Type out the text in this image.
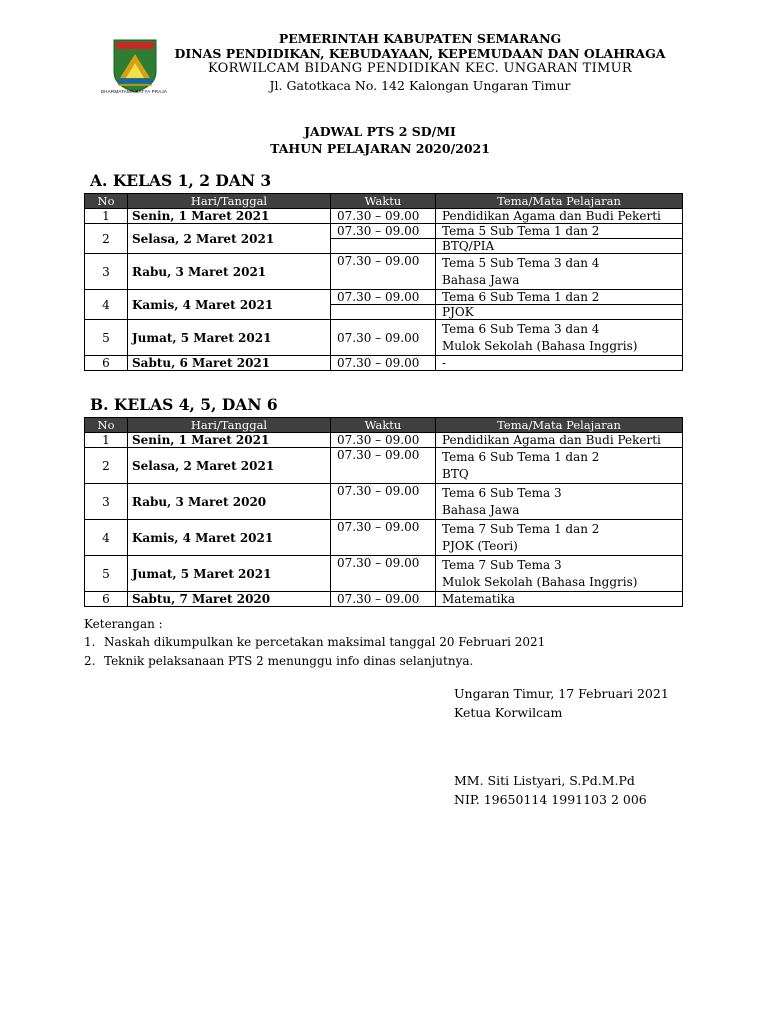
DHARMATAMA SATYA PRAJA
PEMERINTAH KABUPATEN SEMARANG
DINAS PENDIDIKAN, KEBUDAYAAN, KEPEMUDAAN DAN OLAHRAGA
KORWILCAM BIDANG PENDIDIKAN KEC. UNGARAN TIMUR
Jl. Gatotkaca No. 142 Kalongan Ungaran Timur
JADWAL PTS 2 SD/MI
TAHUN PELAJARAN 2020/2021
A. KELAS 1, 2 DAN 3
No	Hari/Tanggal	Waktu	Tema/Mata Pelajaran
1	Senin, 1 Maret 2021	07.30 – 09.00	Pendidikan Agama dan Budi Pekerti
2	Selasa, 2 Maret 2021	07.30 – 09.00	Tema 5 Sub Tema 1 dan 2
			BTQ/PIA
3	Rabu, 3 Maret 2021	07.30 – 09.00	Tema 5 Sub Tema 3 dan 4
			Bahasa Jawa
4	Kamis, 4 Maret 2021	07.30 – 09.00	Tema 6 Sub Tema 1 dan 2
			PJOK
5	Jumat, 5 Maret 2021	07.30 – 09.00	Tema 6 Sub Tema 3 dan 4
			Mulok Sekolah (Bahasa Inggris)
6	Sabtu, 6 Maret 2021	07.30 – 09.00	-
B. KELAS 4, 5, DAN 6
No	Hari/Tanggal	Waktu	Tema/Mata Pelajaran
1	Senin, 1 Maret 2021	07.30 – 09.00	Pendidikan Agama dan Budi Pekerti
2	Selasa, 2 Maret 2021	07.30 – 09.00	Tema 6 Sub Tema 1 dan 2
			BTQ
3	Rabu, 3 Maret 2020	07.30 – 09.00	Tema 6 Sub Tema 3
			Bahasa Jawa
4	Kamis, 4 Maret 2021	07.30 – 09.00	Tema 7 Sub Tema 1 dan 2
			PJOK (Teori)
5	Jumat, 5 Maret 2021	07.30 – 09.00	Tema 7 Sub Tema 3
			Mulok Sekolah (Bahasa Inggris)
6	Sabtu, 7 Maret 2020	07.30 – 09.00	Matematika
Keterangan :
1. Naskah dikumpulkan ke percetakan maksimal tanggal 20 Februari 2021
2. Teknik pelaksanaan PTS 2 menunggu info dinas selanjutnya.
Ungaran Timur, 17 Februari 2021
Ketua Korwilcam
MM. Siti Listyari, S.Pd.M.Pd
NIP. 19650114 1991103 2 006
